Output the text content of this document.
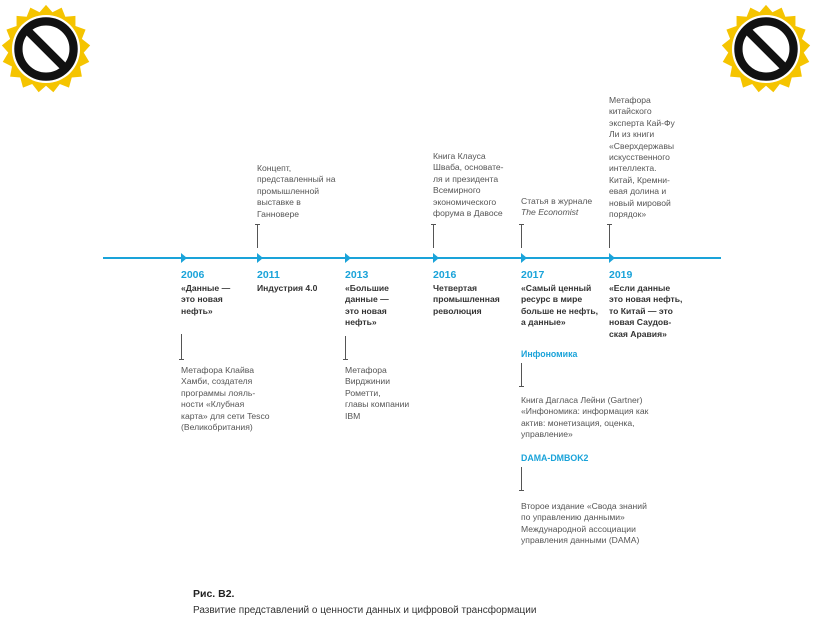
2006
«Данные —
это новая
нефть»
Метафора Клайва
Хамби, создателя
программы лояль-
ности «Клубная
карта» для сети Tesco
(Великобритания)
Концепт,
представленный на
промышленной
выставке в
Ганновере
2011
Индустрия 4.0
2013
«Большие
данные —
это новая
нефть»
Метафора
Вирджинии
Рометти,
главы компании
IBM
Книга Клауса
Шваба, основате-
ля и президента
Всемирного
экономического
форума в Давосе
2016
Четвертая
промышленная
революция
Статья в журнале
The Economist
2017
«Самый ценный
ресурс в мире
больше не нефть,
а данные»
Инфономика
Книга Дагласа Лейни (Gartner)
«Инфономика: информация как
актив: монетизация, оценка,
управление»
DAMA-DMBOK2
Второе издание «Свода знаний
по управлению данными»
Международной ассоциации
управления данными (DAMA)
Метафора
китайского
эксперта Кай-Фу
Ли из книги
«Сверхдержавы
искусственного
интеллекта.
Китай, Кремни-
евая долина и
новый мировой
порядок»
2019
«Если данные
это новая нефть,
то Китай — это
новая Саудов-
ская Аравия»
Рис. В2.
Развитие представлений о ценности данных и цифровой трансформации
